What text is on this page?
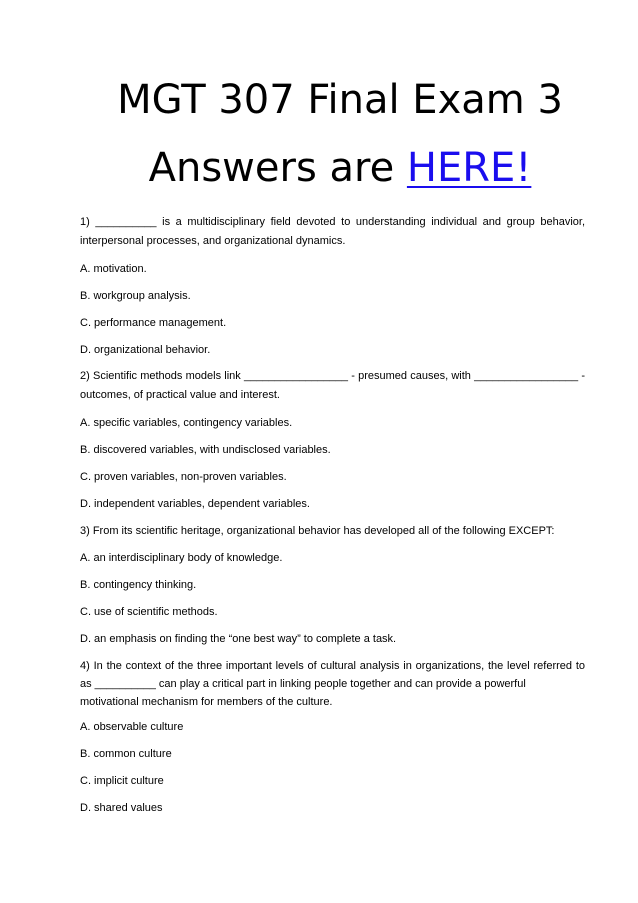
MGT 307 Final Exam 3
Answers are HERE!
1) __________ is a multidisciplinary field devoted to understanding individual and group behavior,
interpersonal processes, and organizational dynamics.
A. motivation.
B. workgroup analysis.
C. performance management.
D. organizational behavior.
2) Scientific methods models link _________________ - presumed causes, with _________________ -
outcomes, of practical value and interest.
A. specific variables, contingency variables.
B. discovered variables, with undisclosed variables.
C. proven variables, non-proven variables.
D. independent variables, dependent variables.
3) From its scientific heritage, organizational behavior has developed all of the following EXCEPT:
A. an interdisciplinary body of knowledge.
B. contingency thinking.
C. use of scientific methods.
D. an emphasis on finding the “one best way” to complete a task.
4) In the context of the three important levels of cultural analysis in organizations, the level referred to
as __________ can play a critical part in linking people together and can provide a powerful
motivational mechanism for members of the culture.
A. observable culture
B. common culture
C. implicit culture
D. shared values
